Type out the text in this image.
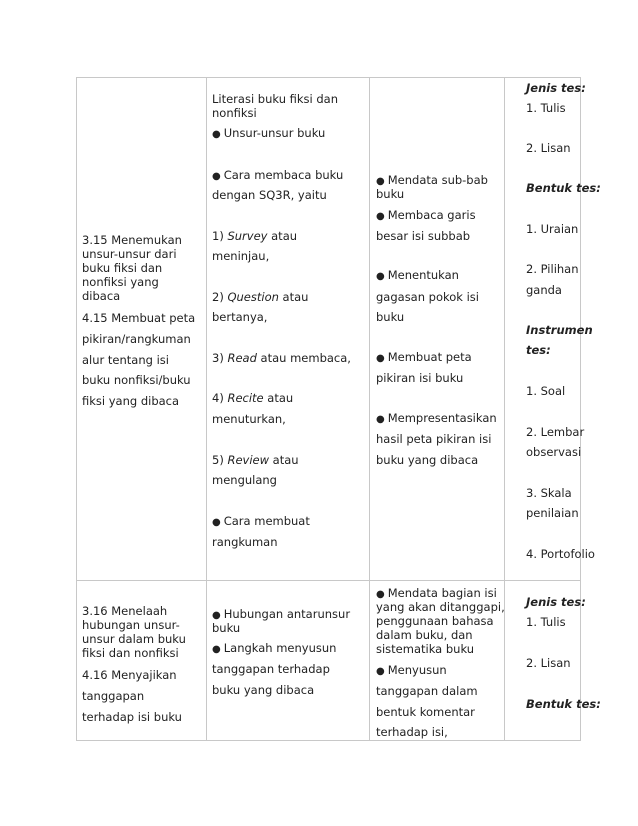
3.15 Menemukan
unsur-unsur dari
buku fiksi dan
nonfiksi yang
dibaca
4.15 Membuat peta
pikiran/rangkuman
alur tentang isi
buku nonfiksi/buku
fiksi yang dibaca
Literasi buku fiksi dan
nonfiksi
● Unsur-unsur buku
● Cara membaca buku
dengan SQ3R, yaitu
1) Survey atau
meninjau,
2) Question atau
bertanya,
3) Read atau membaca,
4) Recite atau
menuturkan,
5) Review atau
mengulang
● Cara membuat
rangkuman
● Mendata sub-bab
buku
● Membaca garis
besar isi subbab
● Menentukan
gagasan pokok isi
buku
● Membuat peta
pikiran isi buku
● Mempresentasikan
hasil peta pikiran isi
buku yang dibaca
Jenis tes:
1. Tulis
2. Lisan
Bentuk tes:
1. Uraian
2. Pilihan
ganda
Instrumen
tes:
1. Soal
2. Lembar
observasi
3. Skala
penilaian
4. Portofolio
3.16 Menelaah
hubungan unsur-
unsur dalam buku
fiksi dan nonfiksi
4.16 Menyajikan
tanggapan
terhadap isi buku
● Hubungan antarunsur
buku
● Langkah menyusun
tanggapan terhadap
buku yang dibaca
● Mendata bagian isi
yang akan ditanggapi,
penggunaan bahasa
dalam buku, dan
sistematika buku
● Menyusun
tanggapan dalam
bentuk komentar
terhadap isi,
Jenis tes:
1. Tulis
2. Lisan
Bentuk tes:
